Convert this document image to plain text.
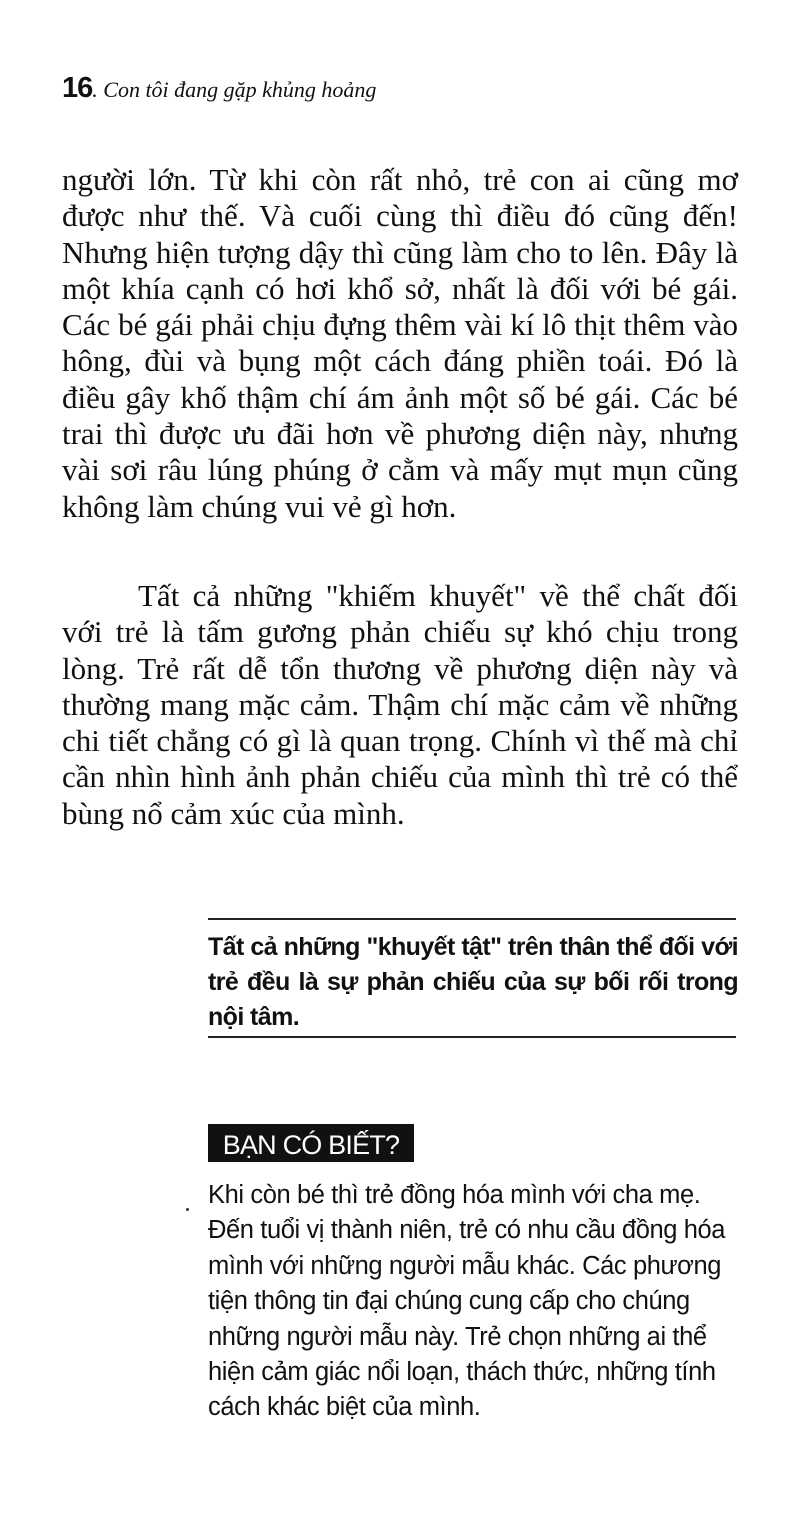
16. Con tôi đang gặp khủng hoảng

người lớn. Từ khi còn rất nhỏ, trẻ con ai cũng mơ được như thế. Và cuối cùng thì điều đó cũng đến! Nhưng hiện tượng dậy thì cũng làm cho to lên. Đây là một khía cạnh có hơi khổ sở, nhất là đối với bé gái. Các bé gái phải chịu đựng thêm vài kí lô thịt thêm vào hông, đùi và bụng một cách đáng phiền toái. Đó là điều gây khố thậm chí ám ảnh một số bé gái. Các bé trai thì được ưu đãi hơn về phương diện này, nhưng vài sơi râu lúng phúng ở cằm và mấy mụt mụn cũng không làm chúng vui vẻ gì hơn.

Tất cả những "khiếm khuyết" về thể chất đối với trẻ là tấm gương phản chiếu sự khó chịu trong lòng. Trẻ rất dễ tổn thương về phương diện này và thường mang mặc cảm. Thậm chí mặc cảm về những chi tiết chẳng có gì là quan trọng. Chính vì thế mà chỉ cần nhìn hình ảnh phản chiếu của mình thì trẻ có thể bùng nổ cảm xúc của mình.

Tất cả những "khuyết tật" trên thân thể đối với trẻ đều là sự phản chiếu của sự bối rối trong nội tâm.

BẠN CÓ BIẾT?

Khi còn bé thì trẻ đồng hóa mình với cha mẹ. Đến tuổi vị thành niên, trẻ có nhu cầu đồng hóa mình với những người mẫu khác. Các phương tiện thông tin đại chúng cung cấp cho chúng những người mẫu này. Trẻ chọn những ai thể hiện cảm giác nổi loạn, thách thức, những tính cách khác biệt của mình.
